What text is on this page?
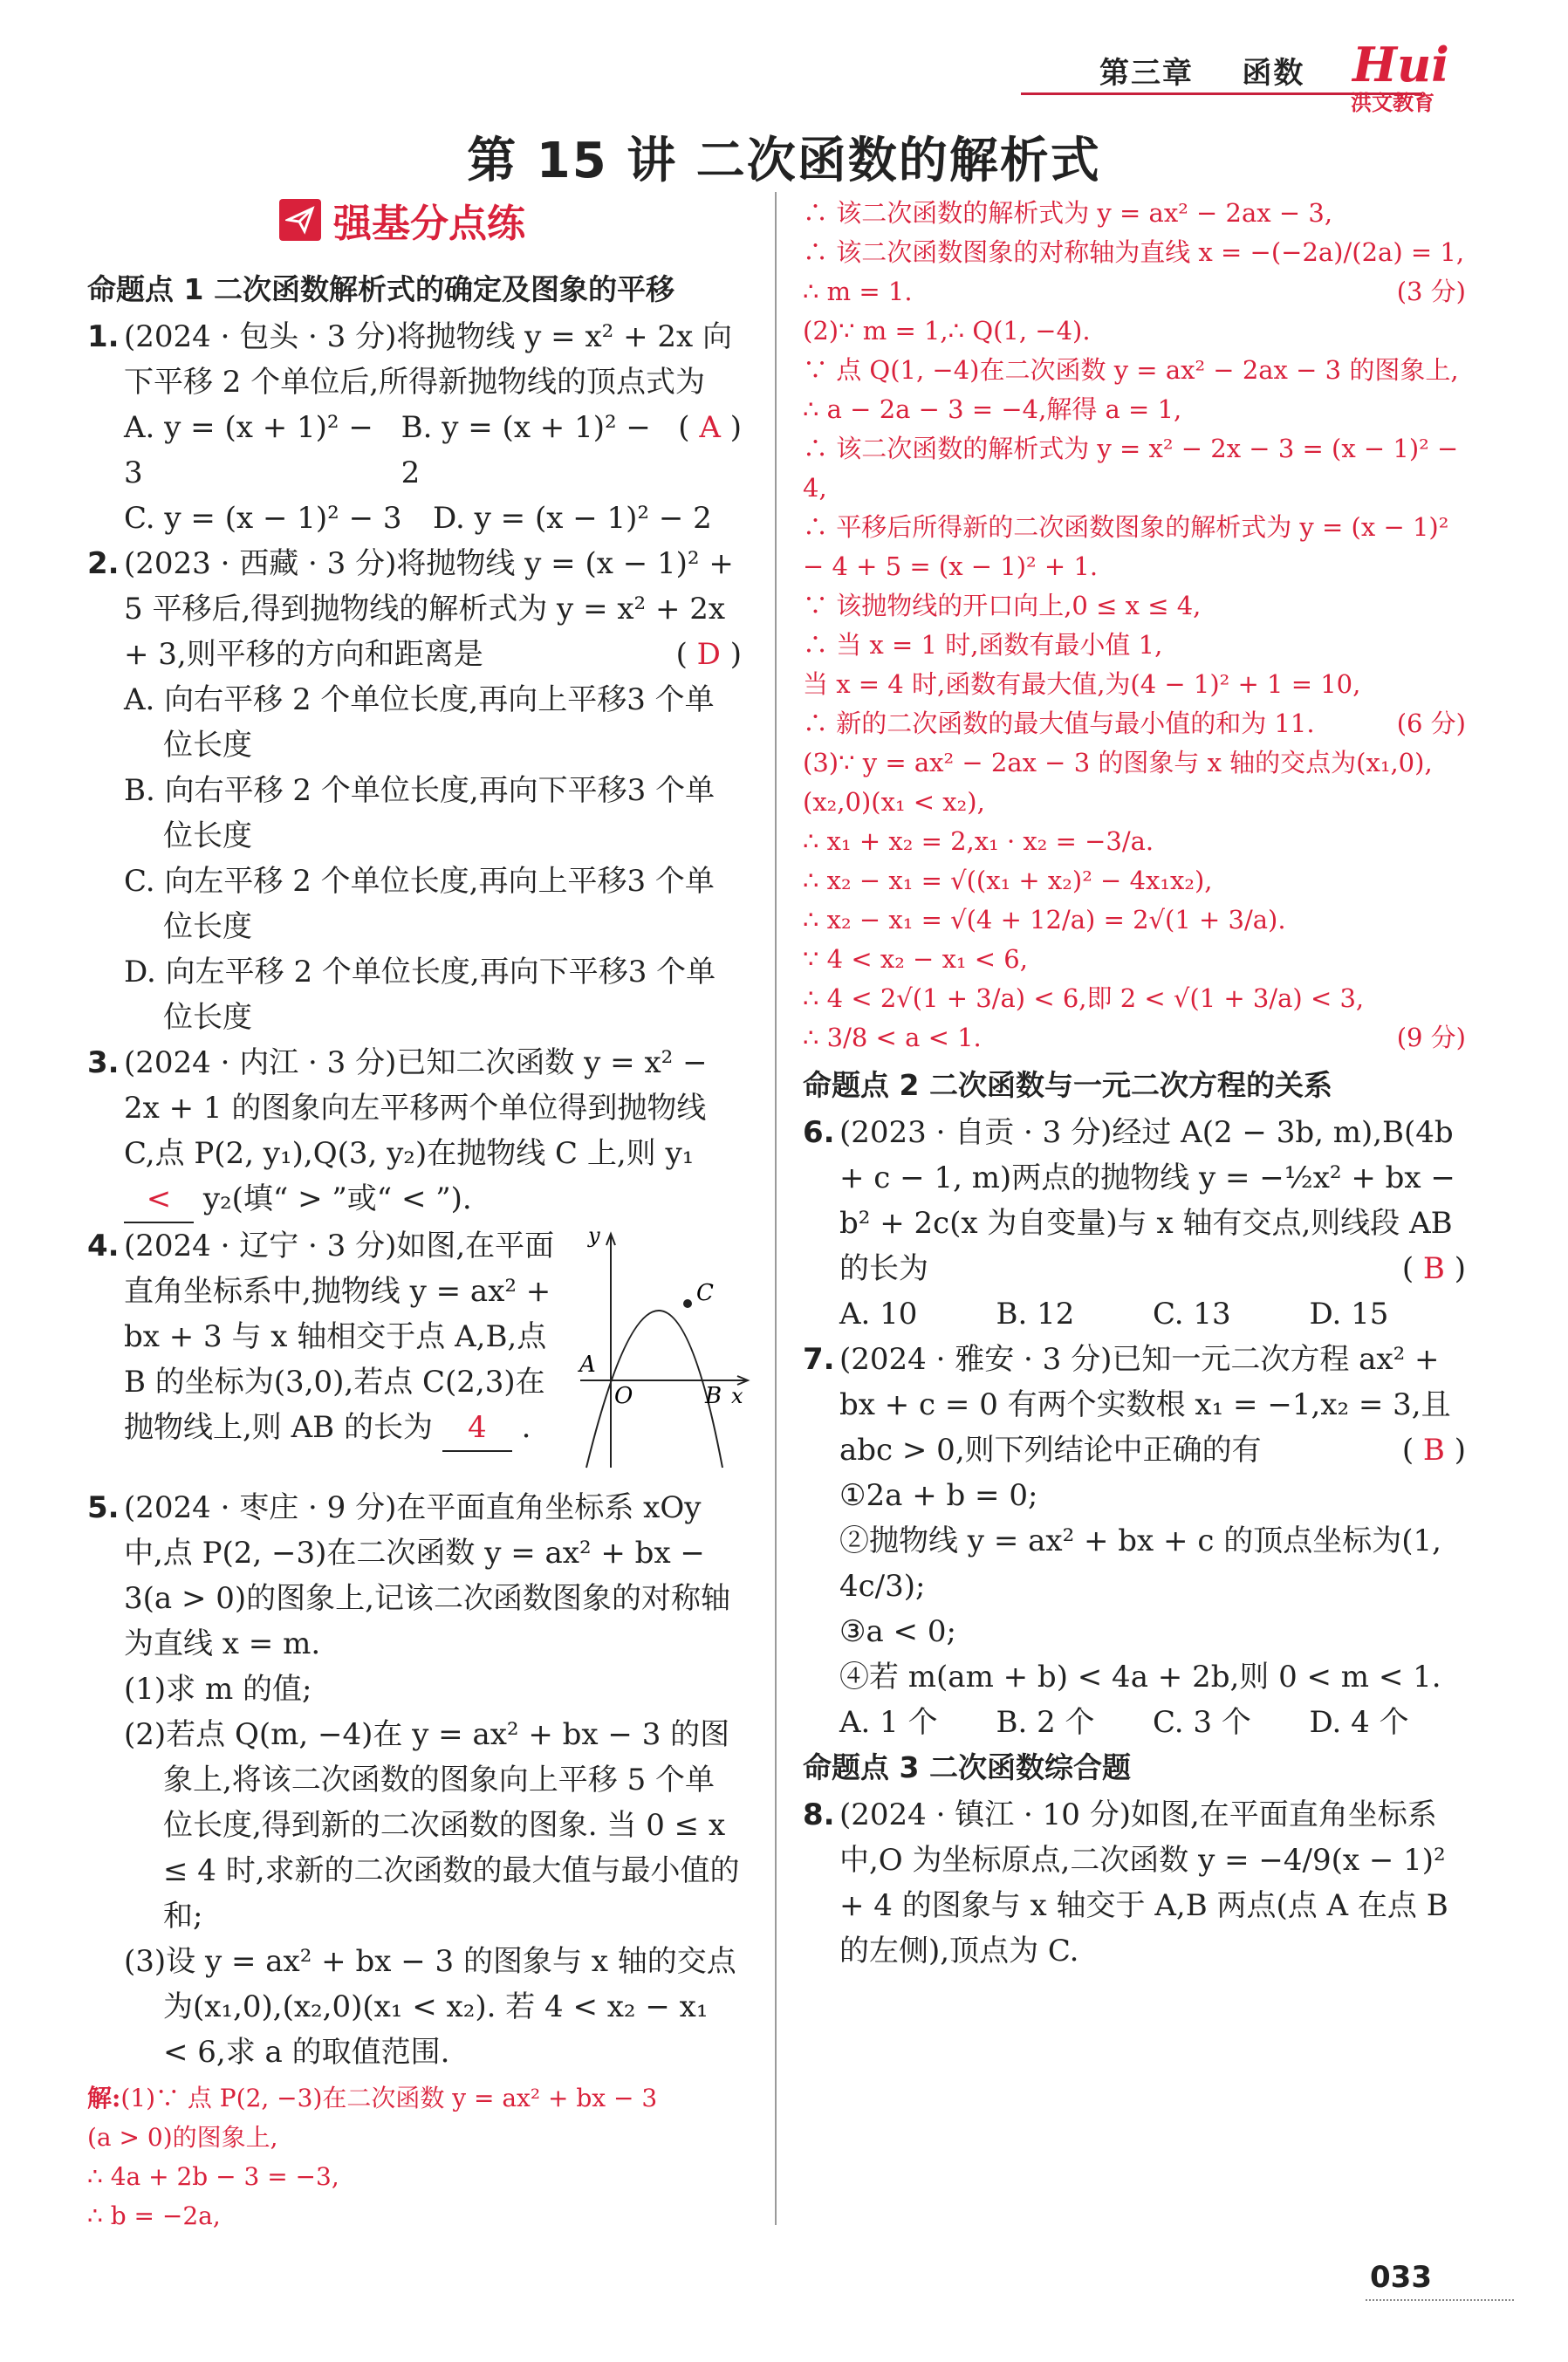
第三章    函数 Hui
洪文教育
第 15 讲 二次函数的解析式
强基分点练

命题点 1 二次函数解析式的确定及图象的平移

1. (2024 · 包头 · 3 分)将抛物线 y = x² + 2x 向下平移 2 个单位后,所得新抛物线的顶点式为
( A )
A. y = (x + 1)² − 3
B. y = (x + 1)² − 2
C. y = (x − 1)² − 3	D. y = (x − 1)² − 2
2. (2023 · 西藏 · 3 分)将抛物线 y = (x − 1)² + 5 平移后,得到抛物线的解析式为 y = x² + 2x + 3,则平移的方向和距离是	( D )

A. 向右平移 2 个单位长度,再向上平移3 个单位长度

B. 向右平移 2 个单位长度,再向下平移3 个单位长度

C. 向左平移 2 个单位长度,再向上平移3 个单位长度

D. 向左平移 2 个单位长度,再向下平移3 个单位长度

3. (2024 · 内江 · 3 分)已知二次函数 y = x² − 2x + 1 的图象向左平移两个单位得到抛物线 C,点 P(2, y₁),Q(3, y₂)在抛物线 C 上,则 y₁ < y₂(填“ > ”或“ < ”).
4. (2024 · 辽宁 · 3 分)如图,在平面直角坐标系中,抛物线 y = ax² + bx + 3 与 x 轴相交于点 A,B,点 B 的坐标为(3,0),若点 C(2,3)在抛物线上,则 AB 的长为 4 .
C
A
O	B x
y
5. (2024 · 枣庄 · 9 分)在平面直角坐标系 xOy 中,点 P(2, −3)在二次函数 y = ax² + bx − 3(a > 0)的图象上,记该二次函数图象的对称轴为直线 x = m.

(1)求 m 的值;

(2)若点 Q(m, −4)在 y = ax² + bx − 3 的图象上,将该二次函数的图象向上平移 5 个单位长度,得到新的二次函数的图象. 当 0 ≤ x ≤ 4 时,求新的二次函数的最大值与最小值的和;

(3)设 y = ax² + bx − 3 的图象与 x 轴的交点为(x₁,0),(x₂,0)(x₁ < x₂). 若 4 < x₂ − x₁ < 6,求 a 的取值范围.

解:(1)∵ 点 P(2, −3)在二次函数 y = ax² + bx − 3

(a > 0)的图象上,

∴ 4a + 2b − 3 = −3,

∴ b = −2a,

∴ 该二次函数的解析式为 y = ax² − 2ax − 3,

∴ 该二次函数图象的对称轴为直线 x = −(−2a)/(2a) = 1,

∴ m = 1.	(3 分)

(2)∵ m = 1,∴ Q(1, −4).

∵ 点 Q(1, −4)在二次函数 y = ax² − 2ax − 3 的图象上,

∴ a − 2a − 3 = −4,解得 a = 1,

∴ 该二次函数的解析式为 y = x² − 2x − 3 = (x − 1)² − 4,

∴ 平移后所得新的二次函数图象的解析式为 y = (x − 1)² − 4 + 5 = (x − 1)² + 1.

∵ 该抛物线的开口向上,0 ≤ x ≤ 4,

∴ 当 x = 1 时,函数有最小值 1,

当 x = 4 时,函数有最大值,为(4 − 1)² + 1 = 10,

∴ 新的二次函数的最大值与最小值的和为 11.	(6 分)

(3)∵ y = ax² − 2ax − 3 的图象与 x 轴的交点为(x₁,0),(x₂,0)(x₁ < x₂),

∴ x₁ + x₂ = 2,x₁ · x₂ = −3/a.

∴ x₂ − x₁ = √((x₁ + x₂)² − 4x₁x₂),

∴ x₂ − x₁ = √(4 + 12/a) = 2√(1 + 3/a).

∵ 4 < x₂ − x₁ < 6,

∴ 4 < 2√(1 + 3/a) < 6,即 2 < √(1 + 3/a) < 3,

∴ 3/8 < a < 1.	(9 分)

命题点 2 二次函数与一元二次方程的关系

6. (2023 · 自贡 · 3 分)经过 A(2 − 3b, m),B(4b + c − 1, m)两点的抛物线 y = −½x² + bx − b² + 2c(x 为自变量)与 x 轴有交点,则线段 AB 的长为	( B )
A. 10	B. 12	C. 13	D. 15
7. (2024 · 雅安 · 3 分)已知一元二次方程 ax² + bx + c = 0 有两个实数根 x₁ = −1,x₂ = 3,且 abc > 0,则下列结论中正确的有	( B )

①2a + b = 0;

②抛物线 y = ax² + bx + c 的顶点坐标为(1, 4c/3);

③a < 0;

④若 m(am + b) < 4a + 2b,则 0 < m < 1.

A. 1 个	B. 2 个	C. 3 个	D. 4 个

命题点 3 二次函数综合题

8. (2024 · 镇江 · 10 分)如图,在平面直角坐标系中,O 为坐标原点,二次函数 y = −4/9(x − 1)² + 4 的图象与 x 轴交于 A,B 两点(点 A 在点 B 的左侧),顶点为 C.
033
